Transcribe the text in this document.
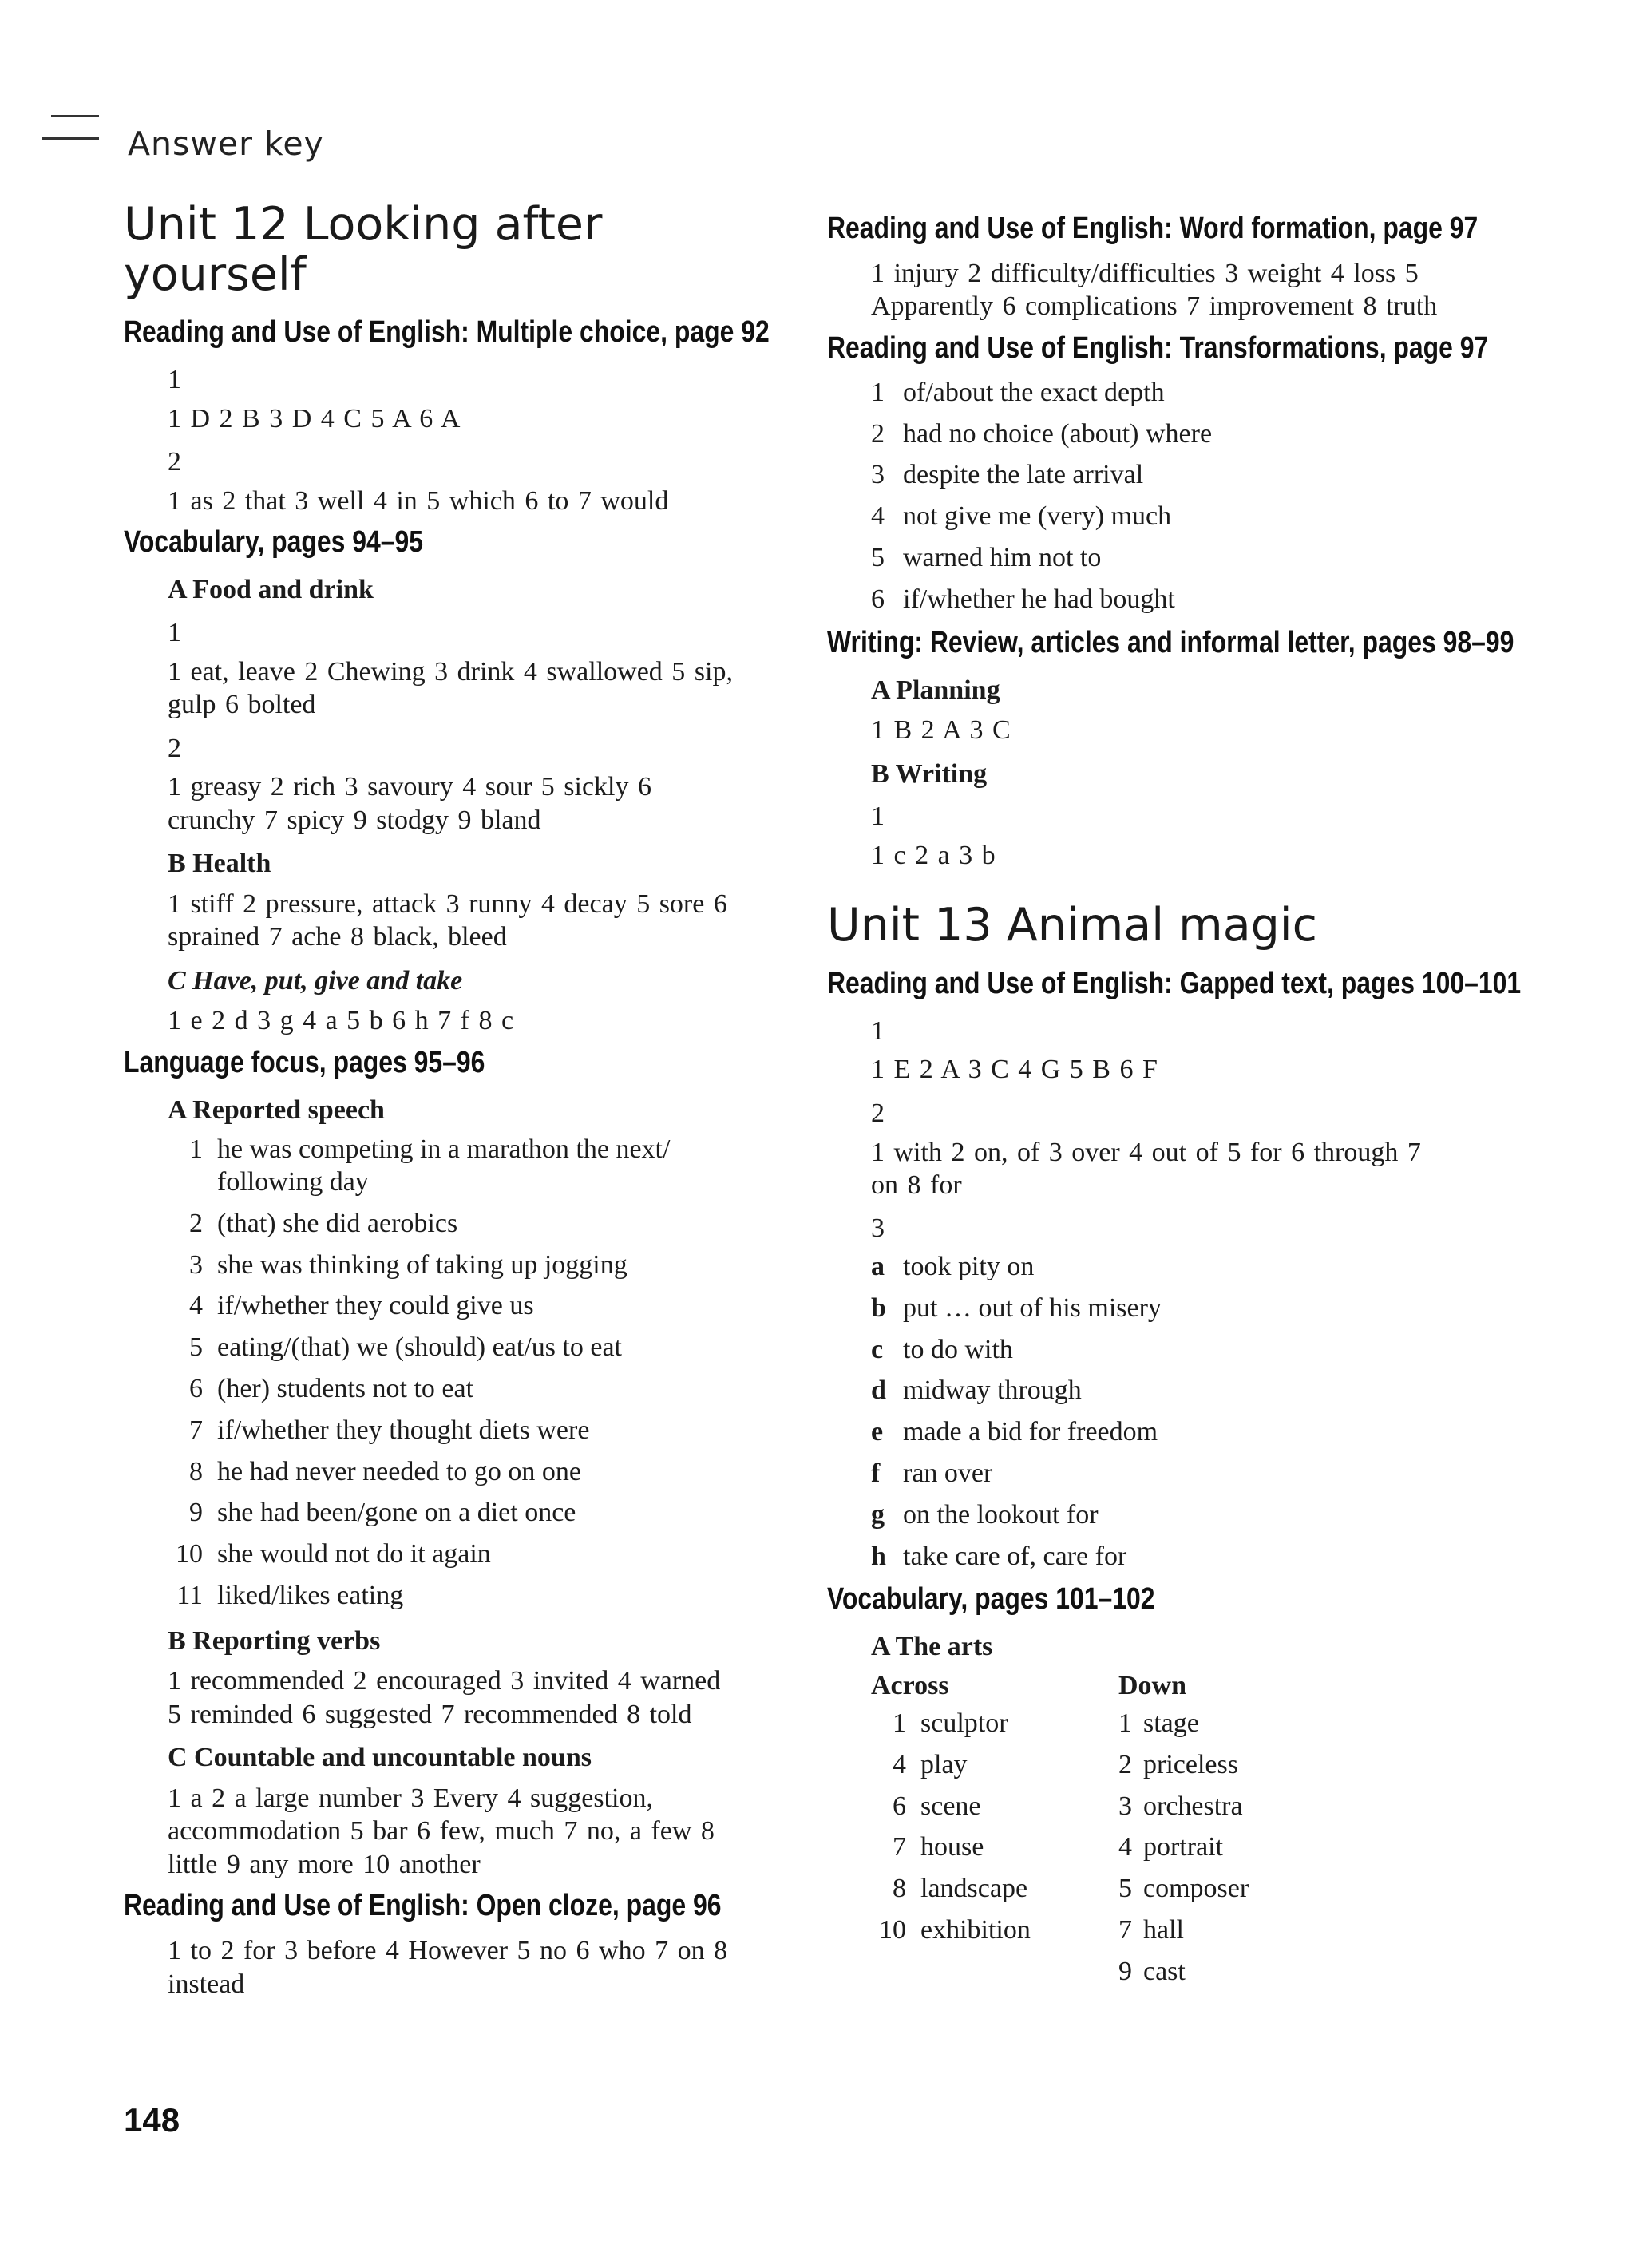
Answer key
Unit 12 Looking after yourself
Reading and Use of English: Multiple choice, page 92
1
1 D 2 B 3 D 4 C 5 A 6 A
2
1 as 2 that 3 well 4 in 5 which 6 to 7 would
Vocabulary, pages 94–95
A Food and drink
1
1 eat, leave 2 Chewing 3 drink 4 swallowed 5 sip, gulp 6 bolted
2
1 greasy 2 rich 3 savoury 4 sour 5 sickly 6 crunchy 7 spicy 9 stodgy 9 bland
B Health
1 stiff 2 pressure, attack 3 runny 4 decay 5 sore 6 sprained 7 ache 8 black, bleed
C Have, put, give and take
1 e 2 d 3 g 4 a 5 b 6 h 7 f 8 c
Language focus, pages 95–96
A Reported speech
1 he was competing in a marathon the next/ following day
2 (that) she did aerobics
3 she was thinking of taking up jogging
4 if/whether they could give us
5 eating/(that) we (should) eat/us to eat
6 (her) students not to eat
7 if/whether they thought diets were
8 he had never needed to go on one
9 she had been/gone on a diet once
10 she would not do it again
11 liked/likes eating
B Reporting verbs
1 recommended 2 encouraged 3 invited 4 warned 5 reminded 6 suggested 7 recommended 8 told
C Countable and uncountable nouns
1 a 2 a large number 3 Every 4 suggestion, accommodation 5 bar 6 few, much 7 no, a few 8 little 9 any more 10 another
Reading and Use of English: Open cloze, page 96
1 to 2 for 3 before 4 However 5 no 6 who 7 on 8 instead
Reading and Use of English: Word formation, page 97
1 injury 2 difficulty/difficulties 3 weight 4 loss 5 Apparently 6 complications 7 improvement 8 truth
Reading and Use of English: Transformations, page 97
1 of/about the exact depth
2 had no choice (about) where
3 despite the late arrival
4 not give me (very) much
5 warned him not to
6 if/whether he had bought
Writing: Review, articles and informal letter, pages 98–99
A Planning
1 B 2 A 3 C
B Writing
1
1 c 2 a 3 b
Unit 13 Animal magic
Reading and Use of English: Gapped text, pages 100–101
1
1 E 2 A 3 C 4 G 5 B 6 F
2
1 with 2 on, of 3 over 4 out of 5 for 6 through 7 on 8 for
3
a took pity on
b put … out of his misery
c to do with
d midway through
e made a bid for freedom
f ran over
g on the lookout for
h take care of, care for
Vocabulary, pages 101–102
A The arts
Across
1 sculptor
4 play
6 scene
7 house
8 landscape
10 exhibition
Down
1 stage
2 priceless
3 orchestra
4 portrait
5 composer
7 hall
9 cast
148
